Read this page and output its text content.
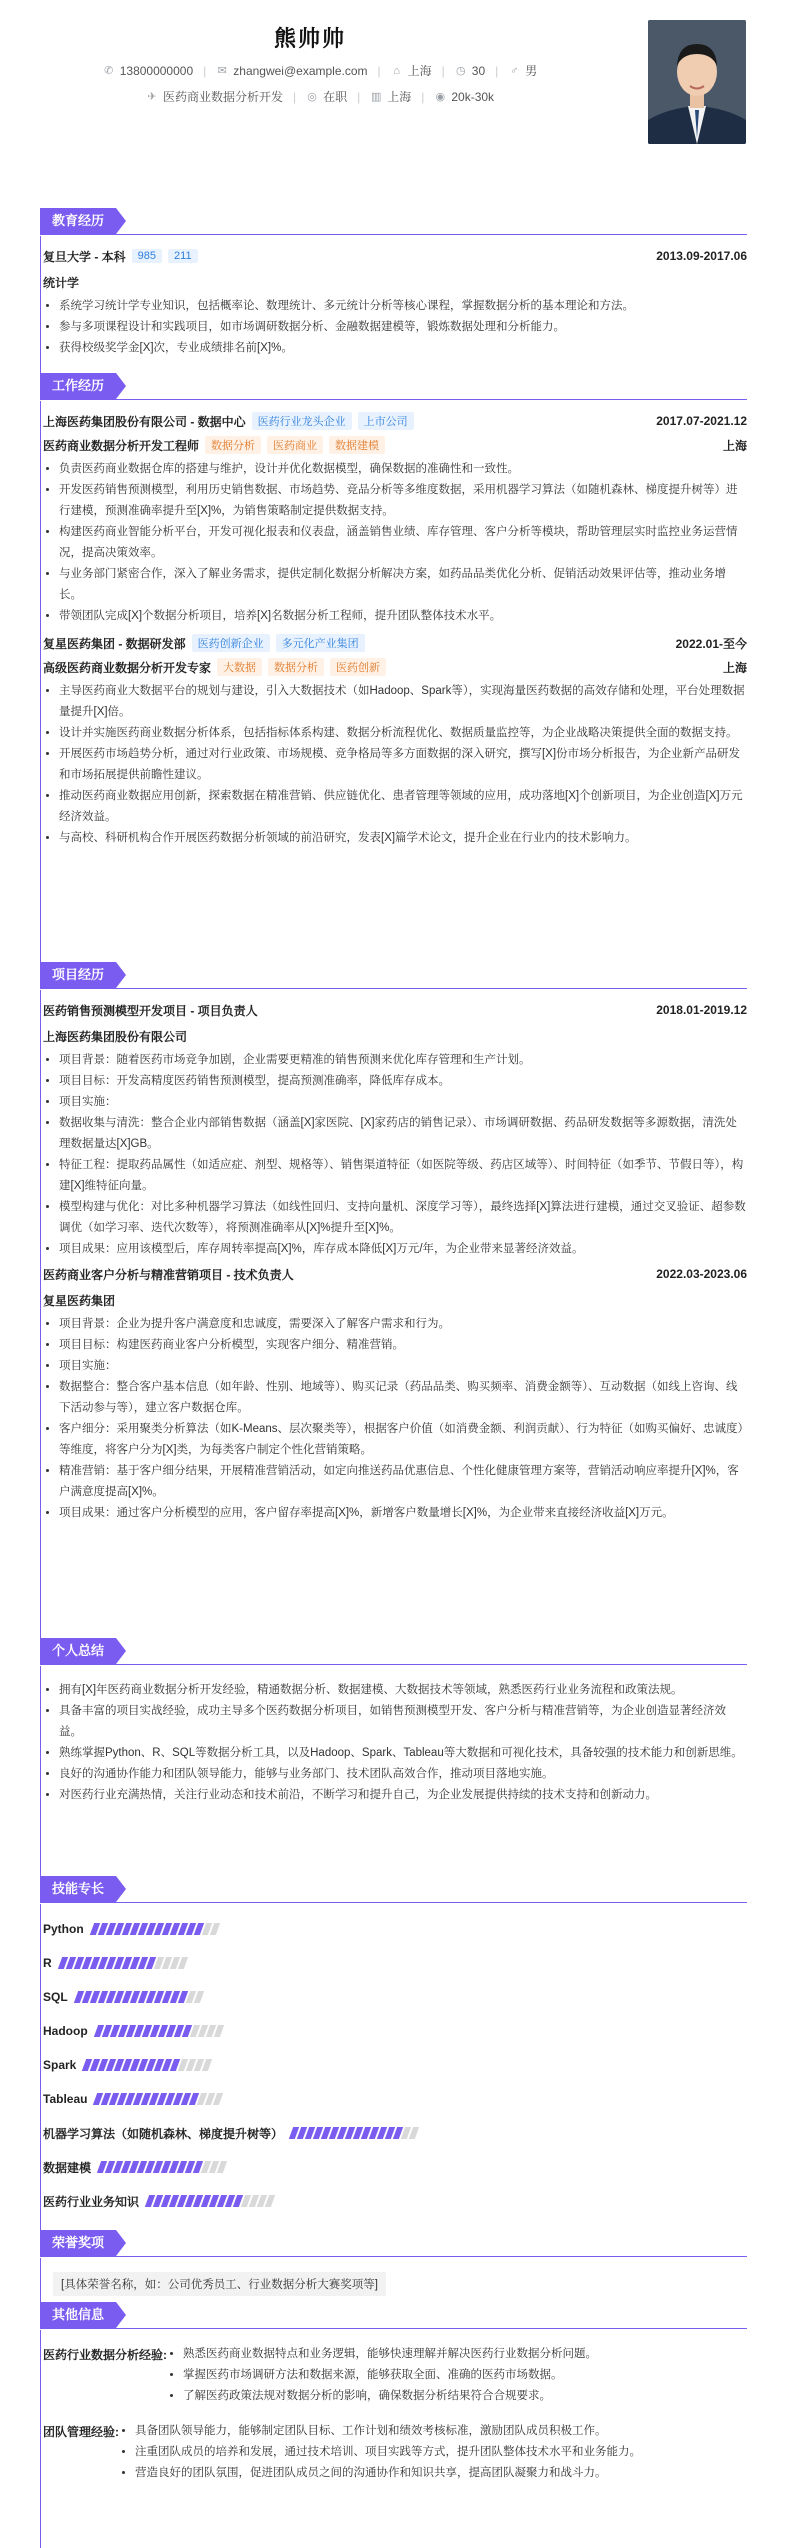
熊帅帅
✆ 13800000000 | ✉ zhangwei@example.com | ⌂ 上海 | ◷ 30 | ♂ 男
✈ 医药商业数据分析开发 | ◎ 在职 | ▥ 上海 | ◉ 20k-30k
教育经历
复旦大学 - 本科	985	211	2013.09-2017.06
统计学
• 系统学习统计学专业知识，包括概率论、数理统计、多元统计分析等核心课程，掌握数据分析的基本理论和方法。
• 参与多项课程设计和实践项目，如市场调研数据分析、金融数据建模等，锻炼数据处理和分析能力。
• 获得校级奖学金[X]次，专业成绩排名前[X]%。
工作经历
上海医药集团股份有限公司 - 数据中心	医药行业龙头企业	上市公司	2017.07-2021.12
医药商业数据分析开发工程师	数据分析	医药商业	数据建模	上海
• 负责医药商业数据仓库的搭建与维护，设计并优化数据模型，确保数据的准确性和一致性。
• 开发医药销售预测模型，利用历史销售数据、市场趋势、竞品分析等多维度数据，采用机器学习算法（如随机森林、梯度提升树等）进行建模，预测准确率提升至[X]%，为销售策略制定提供数据支持。
• 构建医药商业智能分析平台，开发可视化报表和仪表盘，涵盖销售业绩、库存管理、客户分析等模块，帮助管理层实时监控业务运营情况，提高决策效率。
• 与业务部门紧密合作，深入了解业务需求，提供定制化数据分析解决方案，如药品品类优化分析、促销活动效果评估等，推动业务增长。
• 带领团队完成[X]个数据分析项目，培养[X]名数据分析工程师，提升团队整体技术水平。
复星医药集团 - 数据研发部	医药创新企业	多元化产业集团	2022.01-至今
高级医药商业数据分析开发专家	大数据	数据分析	医药创新	上海
• 主导医药商业大数据平台的规划与建设，引入大数据技术（如Hadoop、Spark等），实现海量医药数据的高效存储和处理，平台处理数据量提升[X]倍。
• 设计并实施医药商业数据分析体系，包括指标体系构建、数据分析流程优化、数据质量监控等，为企业战略决策提供全面的数据支持。
• 开展医药市场趋势分析，通过对行业政策、市场规模、竞争格局等多方面数据的深入研究，撰写[X]份市场分析报告，为企业新产品研发和市场拓展提供前瞻性建议。
• 推动医药商业数据应用创新，探索数据在精准营销、供应链优化、患者管理等领域的应用，成功落地[X]个创新项目，为企业创造[X]万元经济效益。
• 与高校、科研机构合作开展医药数据分析领域的前沿研究，发表[X]篇学术论文，提升企业在行业内的技术影响力。
项目经历
医药销售预测模型开发项目 - 项目负责人	2018.01-2019.12
上海医药集团股份有限公司
• 项目背景：随着医药市场竞争加剧，企业需要更精准的销售预测来优化库存管理和生产计划。
• 项目目标：开发高精度医药销售预测模型，提高预测准确率，降低库存成本。
• 项目实施：
• 数据收集与清洗：整合企业内部销售数据（涵盖[X]家医院、[X]家药店的销售记录）、市场调研数据、药品研发数据等多源数据，清洗处理数据量达[X]GB。
• 特征工程：提取药品属性（如适应症、剂型、规格等）、销售渠道特征（如医院等级、药店区域等）、时间特征（如季节、节假日等），构建[X]维特征向量。
• 模型构建与优化：对比多种机器学习算法（如线性回归、支持向量机、深度学习等），最终选择[X]算法进行建模，通过交叉验证、超参数调优（如学习率、迭代次数等），将预测准确率从[X]%提升至[X]%。
• 项目成果：应用该模型后，库存周转率提高[X]%，库存成本降低[X]万元/年，为企业带来显著经济效益。
医药商业客户分析与精准营销项目 - 技术负责人	2022.03-2023.06
复星医药集团
• 项目背景：企业为提升客户满意度和忠诚度，需要深入了解客户需求和行为。
• 项目目标：构建医药商业客户分析模型，实现客户细分、精准营销。
• 项目实施：
• 数据整合：整合客户基本信息（如年龄、性别、地域等）、购买记录（药品品类、购买频率、消费金额等）、互动数据（如线上咨询、线下活动参与等），建立客户数据仓库。
• 客户细分：采用聚类分析算法（如K-Means、层次聚类等），根据客户价值（如消费金额、利润贡献）、行为特征（如购买偏好、忠诚度）等维度，将客户分为[X]类，为每类客户制定个性化营销策略。
• 精准营销：基于客户细分结果，开展精准营销活动，如定向推送药品优惠信息、个性化健康管理方案等，营销活动响应率提升[X]%，客户满意度提高[X]%。
• 项目成果：通过客户分析模型的应用，客户留存率提高[X]%，新增客户数量增长[X]%，为企业带来直接经济收益[X]万元。
个人总结
• 拥有[X]年医药商业数据分析开发经验，精通数据分析、数据建模、大数据技术等领域，熟悉医药行业业务流程和政策法规。
• 具备丰富的项目实战经验，成功主导多个医药数据分析项目，如销售预测模型开发、客户分析与精准营销等，为企业创造显著经济效益。
• 熟练掌握Python、R、SQL等数据分析工具，以及Hadoop、Spark、Tableau等大数据和可视化技术，具备较强的技术能力和创新思维。
• 良好的沟通协作能力和团队领导能力，能够与业务部门、技术团队高效合作，推动项目落地实施。
• 对医药行业充满热情，关注行业动态和技术前沿，不断学习和提升自己，为企业发展提供持续的技术支持和创新动力。
技能专长
Python
R
SQL
Hadoop
Spark
Tableau
机器学习算法（如随机森林、梯度提升树等）
数据建模
医药行业业务知识
荣誉奖项
[具体荣誉名称，如：公司优秀员工、行业数据分析大赛奖项等]
其他信息
医药行业数据分析经验: • 熟悉医药商业数据特点和业务逻辑，能够快速理解并解决医药行业数据分析问题。
• 掌握医药市场调研方法和数据来源，能够获取全面、准确的医药市场数据。
• 了解医药政策法规对数据分析的影响，确保数据分析结果符合合规要求。
团队管理经验: • 具备团队领导能力，能够制定团队目标、工作计划和绩效考核标准，激励团队成员积极工作。
• 注重团队成员的培养和发展，通过技术培训、项目实践等方式，提升团队整体技术水平和业务能力。
• 营造良好的团队氛围，促进团队成员之间的沟通协作和知识共享，提高团队凝聚力和战斗力。
